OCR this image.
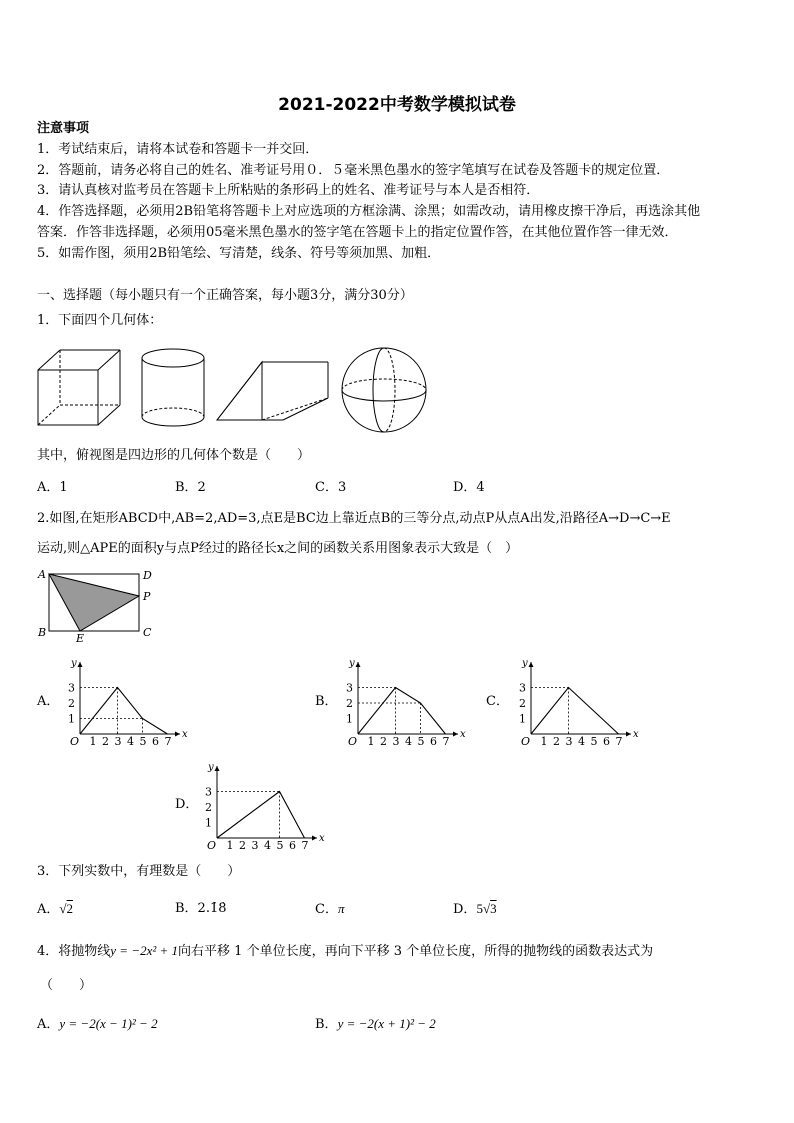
2021-2022中考数学模拟试卷
注意事项
1．考试结束后，请将本试卷和答题卡一并交回．
2．答题前，请务必将自己的姓名、准考证号用０．５毫米黑色墨水的签字笔填写在试卷及答题卡的规定位置．
3．请认真核对监考员在答题卡上所粘贴的条形码上的姓名、准考证号与本人是否相符．
4．作答选择题，必须用2B铅笔将答题卡上对应选项的方框涂满、涂黑；如需改动，请用橡皮擦干净后，再选涂其他
答案．作答非选择题，必须用05毫米黑色墨水的签字笔在答题卡上的指定位置作答，在其他位置作答一律无效．
5．如需作图，须用2B铅笔绘、写清楚，线条、符号等须加黑、加粗．
一、选择题（每小题只有一个正确答案，每小题3分，满分30分）
1．下面四个几何体：
其中，俯视图是四边形的几何体个数是（　　）
A．1	B．2	C．3	D．4
2.如图,在矩形ABCD中,AB=2,AD=3,点E是BC边上靠近点B的三等分点,动点P从点A出发,沿路径A→D→C→E
运动,则△APE的面积y与点P经过的路径长x之间的函数关系用图象表示大致是（　）
A	D
P
B	E	C
A．	B．	C．
D．
y
x
O 1 2 3 4 5 6 7
3
2
1
y
x
O 1 2 3 4 5 6 7
3
2
1
y
x
O 1 2 3 4 5 6 7
3
2
1
y
x
O 1 2 3 4 5 6 7
3
2
1
3．下列实数中，有理数是（　　）
A．√2	B．2.1̇8̇	C．π	D．5√3
4．将抛物线y = −2x² + 1向右平移 1 个单位长度，再向下平移 3 个单位长度，所得的抛物线的函数表达式为
（　　）
A．y = −2(x − 1)² − 2	B．y = −2(x + 1)² − 2
